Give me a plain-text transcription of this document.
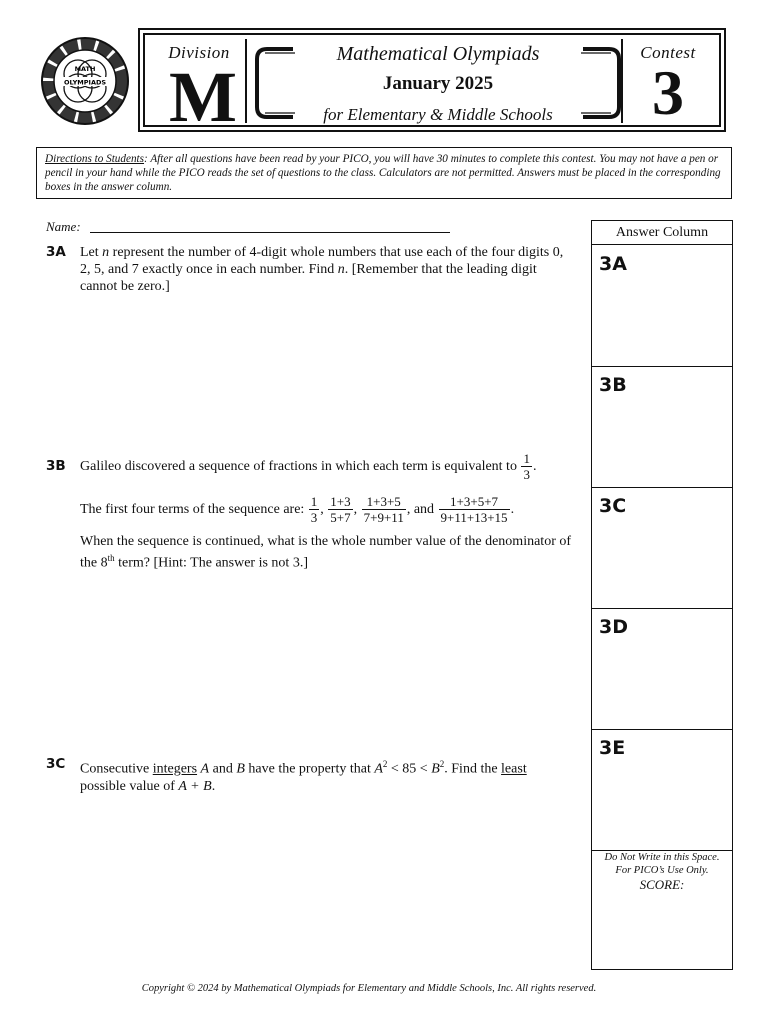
MATH
OLYMPIADS
Division
M
Mathematical Olympiads
January 2025
for Elementary & Middle Schools
Contest
3
Directions to Students: After all questions have been read by your PICO, you will have 30 minutes to complete this contest. You may not have a pen or pencil in your hand while the PICO reads the set of questions to the class. Calculators are not permitted. Answers must be placed in the corresponding boxes in the answer column.
Name:
3A Let n represent the number of 4-digit whole numbers that use each of the four digits 0, 2, 5, and 7 exactly once in each number. Find n. [Remember that the leading digit cannot be zero.]
3B Galileo discovered a sequence of fractions in which each term is equivalent to $\frac{1}{3}$ .
The first four terms of the sequence are: $\frac{1}{3}$ , $\frac{1+3}{5+7}$ , $\frac{1+3+5}{7+9+11}$ , and $\frac{1+3+5+7}{9+11+13+15}$ .
When the sequence is continued, what is the whole number value of the denominator of the 8th term? [Hint: The answer is not 3.]
3C Consecutive integers A and B have the property that $A^2 < 85 < B^2$. Find the least possible value of A + B.
Answer Column
3A
3B
3C
3D
3E
Do Not Write in this Space.
For PICO’s Use Only.
SCORE:
Copyright © 2024 by Mathematical Olympiads for Elementary and Middle Schools, Inc. All rights reserved.
